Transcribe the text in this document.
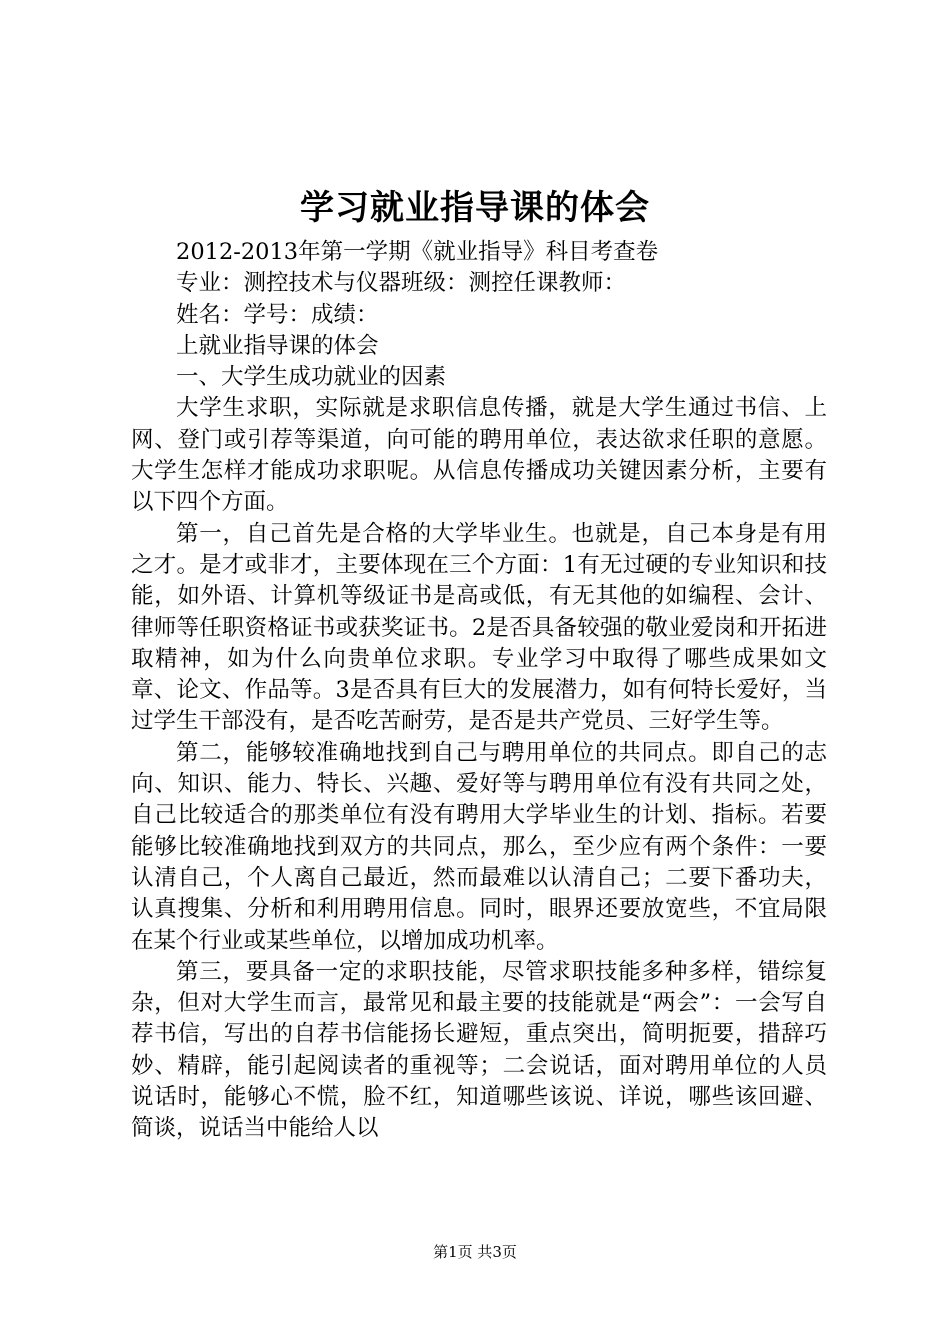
学习就业指导课的体会

2012-2013年第一学期《就业指导》科目考查卷

专业：测控技术与仪器班级：测控任课教师：

姓名：学号：成绩：

上就业指导课的体会

一、大学生成功就业的因素

大学生求职，实际就是求职信息传播，就是大学生通过书信、上网、登门或引荐等渠道，向可能的聘用单位，表达欲求任职的意愿。大学生怎样才能成功求职呢。从信息传播成功关键因素分析，主要有以下四个方面。

第一，自己首先是合格的大学毕业生。也就是，自己本身是有用之才。是才或非才，主要体现在三个方面：1有无过硬的专业知识和技能，如外语、计算机等级证书是高或低，有无其他的如编程、会计、律师等任职资格证书或获奖证书。2是否具备较强的敬业爱岗和开拓进取精神，如为什么向贵单位求职。专业学习中取得了哪些成果如文章、论文、作品等。3是否具有巨大的发展潜力，如有何特长爱好，当过学生干部没有，是否吃苦耐劳，是否是共产党员、三好学生等。

第二，能够较准确地找到自己与聘用单位的共同点。即自己的志向、知识、能力、特长、兴趣、爱好等与聘用单位有没有共同之处，自己比较适合的那类单位有没有聘用大学毕业生的计划、指标。若要能够比较准确地找到双方的共同点，那么，至少应有两个条件：一要认清自己，个人离自己最近，然而最难以认清自己；二要下番功夫，认真搜集、分析和利用聘用信息。同时，眼界还要放宽些，不宜局限在某个行业或某些单位，以增加成功机率。

第三，要具备一定的求职技能，尽管求职技能多种多样，错综复杂，但对大学生而言，最常见和最主要的技能就是“两会”：一会写自荐书信，写出的自荐书信能扬长避短，重点突出，简明扼要，措辞巧妙、精辟，能引起阅读者的重视等；二会说话，面对聘用单位的人员说话时，能够心不慌，脸不红，知道哪些该说、详说，哪些该回避、简谈，说话当中能给人以

第1页 共3页
